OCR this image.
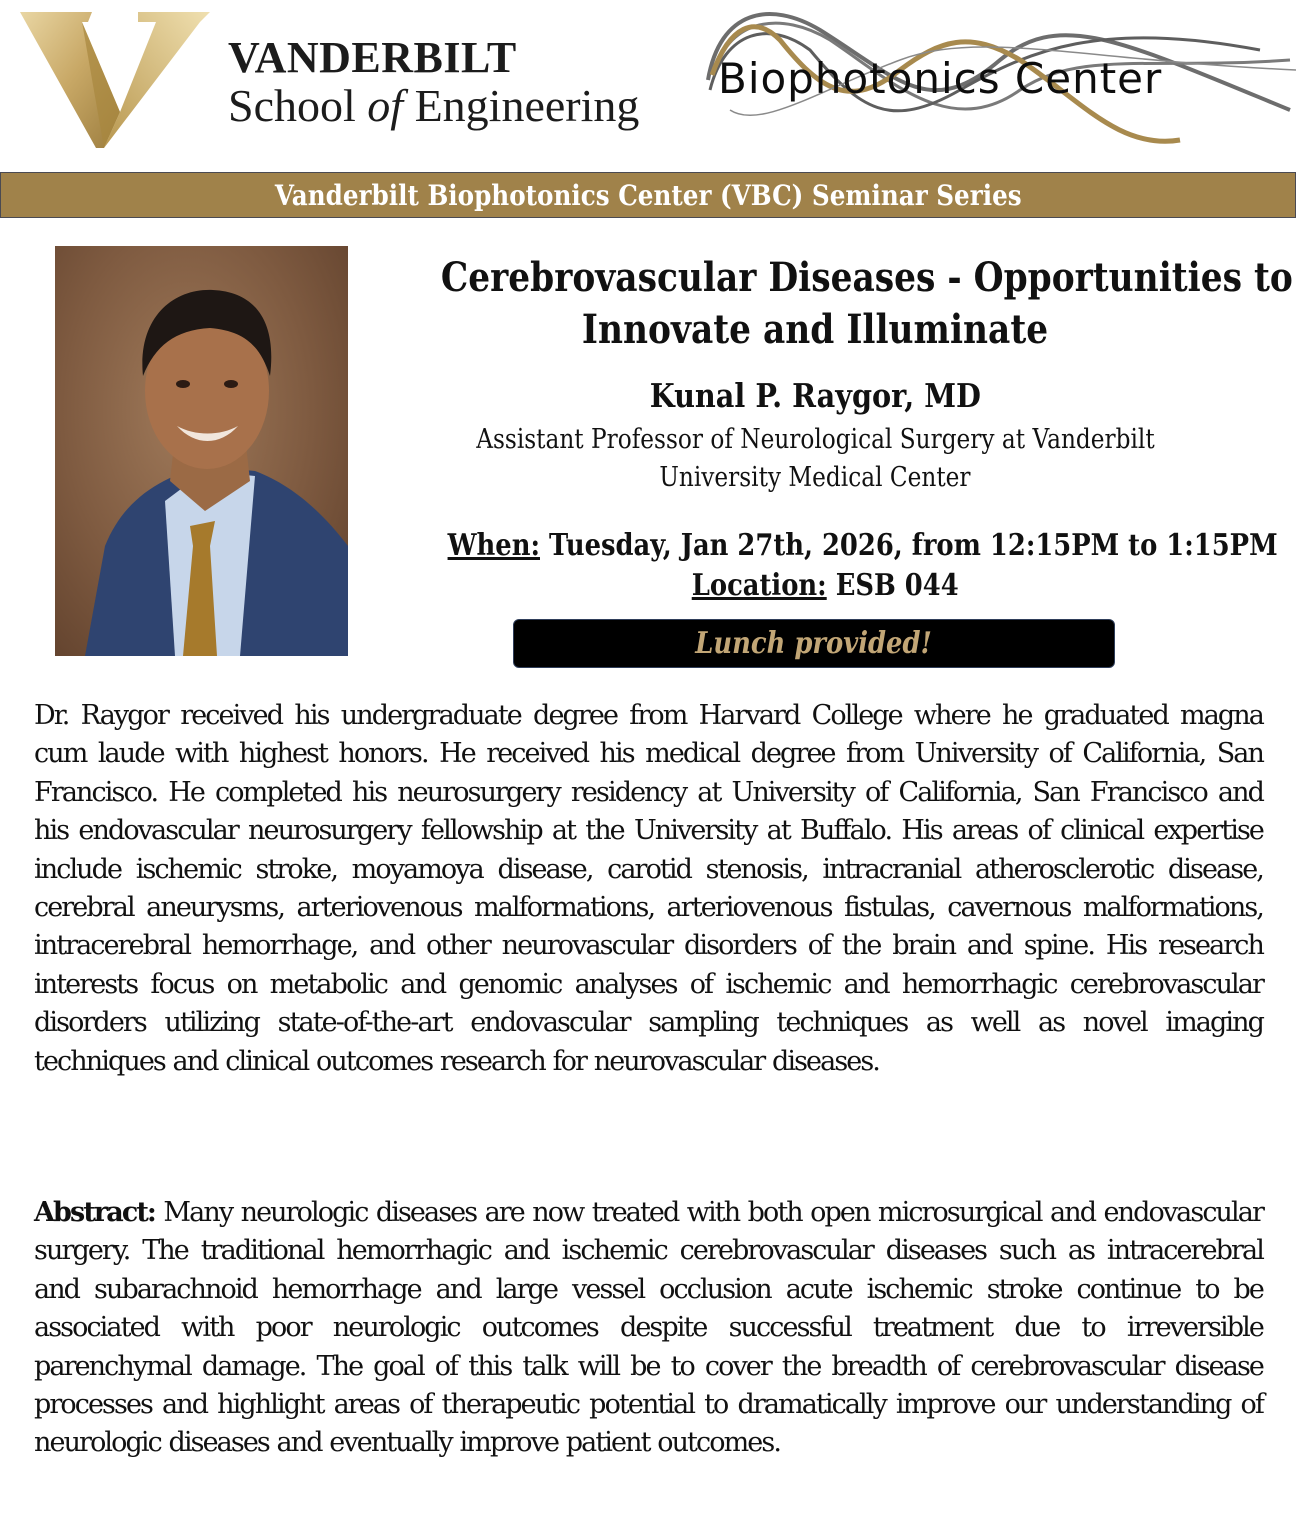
VANDERBILT
School of Engineering
Biophotonics Center
Vanderbilt Biophotonics Center (VBC) Seminar Series
Cerebrovascular Diseases - Opportunities to
Innovate and Illuminate
Kunal P. Raygor, MD
Assistant Professor of Neurological Surgery at Vanderbilt
University Medical Center
When: Tuesday, Jan 27th, 2026, from 12:15PM to 1:15PM
Location: ESB 044
Lunch provided!
Dr. Raygor received his undergraduate degree from Harvard College where he graduated magna cum laude with highest honors. He received his medical degree from University of California, San Francisco. He completed his neurosurgery residency at University of California, San Francisco and his endovascular neurosurgery fellowship at the University at Buffalo. His areas of clinical expertise include ischemic stroke, moyamoya disease, carotid stenosis, intracranial atherosclerotic disease, cerebral aneurysms, arteriovenous malformations, arteriovenous fistulas, cavernous malformations, intracerebral hemorrhage, and other neurovascular disorders of the brain and spine. His research interests focus on metabolic and genomic analyses of ischemic and hemorrhagic cerebrovascular disorders utilizing state-of-the-art endovascular sampling techniques as well as novel imaging techniques and clinical outcomes research for neurovascular diseases.
Abstract: Many neurologic diseases are now treated with both open microsurgical and endovascular surgery. The traditional hemorrhagic and ischemic cerebrovascular diseases such as intracerebral and subarachnoid hemorrhage and large vessel occlusion acute ischemic stroke continue to be associated with poor neurologic outcomes despite successful treatment due to irreversible parenchymal damage. The goal of this talk will be to cover the breadth of cerebrovascular disease processes and highlight areas of therapeutic potential to dramatically improve our understanding of neurologic diseases and eventually improve patient outcomes.
